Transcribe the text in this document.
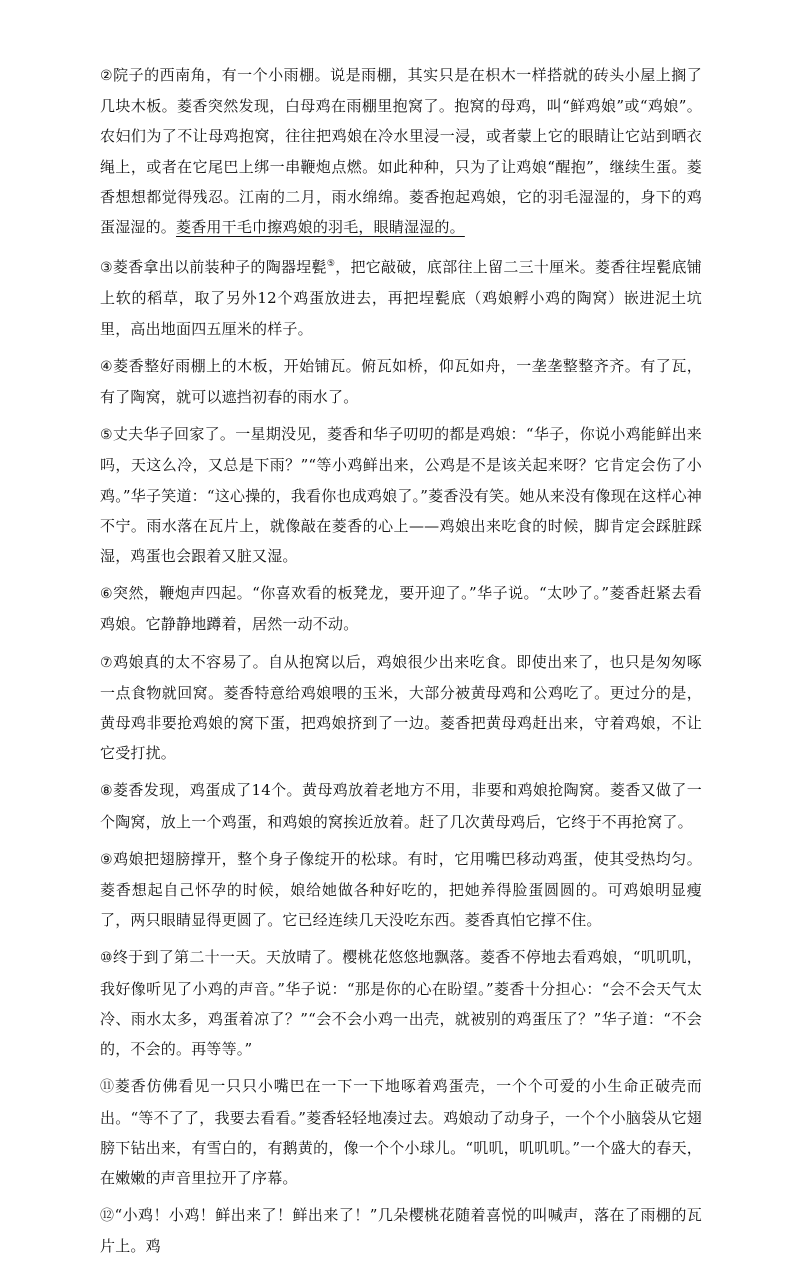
②院子的西南角，有一个小雨棚。说是雨棚，其实只是在枳木一样搭就的砖头小屋上搁了几块木板。菱香突然发现，白母鸡在雨棚里抱窝了。抱窝的母鸡，叫“鲜鸡娘”或“鸡娘”。农妇们为了不让母鸡抱窝，往往把鸡娘在冷水里浸一浸，或者蒙上它的眼睛让它站到晒衣绳上，或者在它尾巴上绑一串鞭炮点燃。如此种种，只为了让鸡娘“醒抱”，继续生蛋。菱香想想都觉得残忍。江南的二月，雨水绵绵。菱香抱起鸡娘，它的羽毛湿湿的，身下的鸡蛋湿湿的。菱香用干毛巾擦鸡娘的羽毛，眼睛湿湿的。

③菱香拿出以前装种子的陶器埕甏⑤，把它敲破，底部往上留二三十厘米。菱香往埕甏底铺上软的稻草，取了另外12个鸡蛋放进去，再把埕甏底（鸡娘孵小鸡的陶窝）嵌进泥土坑里，高出地面四五厘米的样子。

④菱香整好雨棚上的木板，开始铺瓦。俯瓦如桥，仰瓦如舟，一垄垄整整齐齐。有了瓦，有了陶窝，就可以遮挡初春的雨水了。

⑤丈夫华子回家了。一星期没见，菱香和华子叨叨的都是鸡娘：“华子，你说小鸡能鲜出来吗，天这么冷，又总是下雨？”“等小鸡鲜出来，公鸡是不是该关起来呀？它肯定会伤了小鸡。”华子笑道：“这心操的，我看你也成鸡娘了。”菱香没有笑。她从来没有像现在这样心神不宁。雨水落在瓦片上，就像敲在菱香的心上——鸡娘出来吃食的时候，脚肯定会踩脏踩湿，鸡蛋也会跟着又脏又湿。

⑥突然，鞭炮声四起。“你喜欢看的板凳龙，要开迎了。”华子说。“太吵了。”菱香赶紧去看鸡娘。它静静地蹲着，居然一动不动。

⑦鸡娘真的太不容易了。自从抱窝以后，鸡娘很少出来吃食。即使出来了，也只是匆匆啄一点食物就回窝。菱香特意给鸡娘喂的玉米，大部分被黄母鸡和公鸡吃了。更过分的是，黄母鸡非要抢鸡娘的窝下蛋，把鸡娘挤到了一边。菱香把黄母鸡赶出来，守着鸡娘，不让它受打扰。

⑧菱香发现，鸡蛋成了14个。黄母鸡放着老地方不用，非要和鸡娘抢陶窝。菱香又做了一个陶窝，放上一个鸡蛋，和鸡娘的窝挨近放着。赶了几次黄母鸡后，它终于不再抢窝了。

⑨鸡娘把翅膀撑开，整个身子像绽开的松球。有时，它用嘴巴移动鸡蛋，使其受热均匀。菱香想起自己怀孕的时候，娘给她做各种好吃的，把她养得脸蛋圆圆的。可鸡娘明显瘦了，两只眼睛显得更圆了。它已经连续几天没吃东西。菱香真怕它撑不住。

⑩终于到了第二十一天。天放晴了。樱桃花悠悠地飘落。菱香不停地去看鸡娘，“叽叽叽，我好像听见了小鸡的声音。”华子说：“那是你的心在盼望。”菱香十分担心：“会不会天气太冷、雨水太多，鸡蛋着凉了？”“会不会小鸡一出壳，就被别的鸡蛋压了？”华子道：“不会的，不会的。再等等。”

⑪菱香仿佛看见一只只小嘴巴在一下一下地啄着鸡蛋壳，一个个可爱的小生命正破壳而出。“等不了了，我要去看看。”菱香轻轻地凑过去。鸡娘动了动身子，一个个小脑袋从它翅膀下钻出来，有雪白的，有鹅黄的，像一个个小球儿。“叽叽，叽叽叽。”一个盛大的春天，在嫩嫩的声音里拉开了序幕。

⑫“小鸡！小鸡！鲜出来了！鲜出来了！”几朵樱桃花随着喜悦的叫喊声，落在了雨棚的瓦片上。鸡
